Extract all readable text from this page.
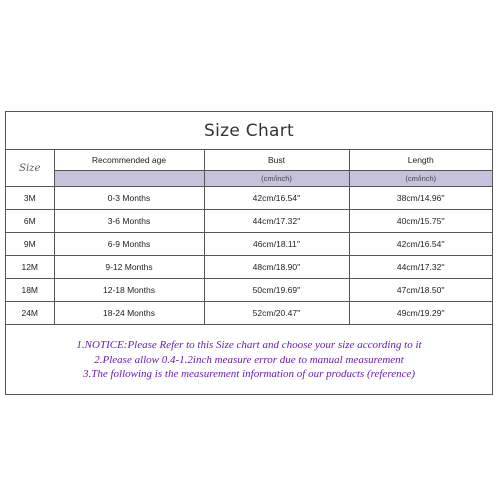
Size Chart
Size	Recommended age	Bust	Length
		(cm/inch)	(cm/inch)
3M	0-3 Months	42cm/16.54''	38cm/14.96''
6M	3-6 Months	44cm/17.32''	40cm/15.75''
9M	6-9 Months	46cm/18.11''	42cm/16.54''
12M	9-12 Months	48cm/18.90''	44cm/17.32''
18M	12-18 Months	50cm/19.69''	47cm/18.50''
24M	18-24 Months	52cm/20.47''	49cm/19.29''
1.NOTICE:Please Refer to this Size chart and choose your size according to it
2.Please allow 0.4-1.2inch measure error due to manual measurement
3.The following is the measurement information of our products (reference)
